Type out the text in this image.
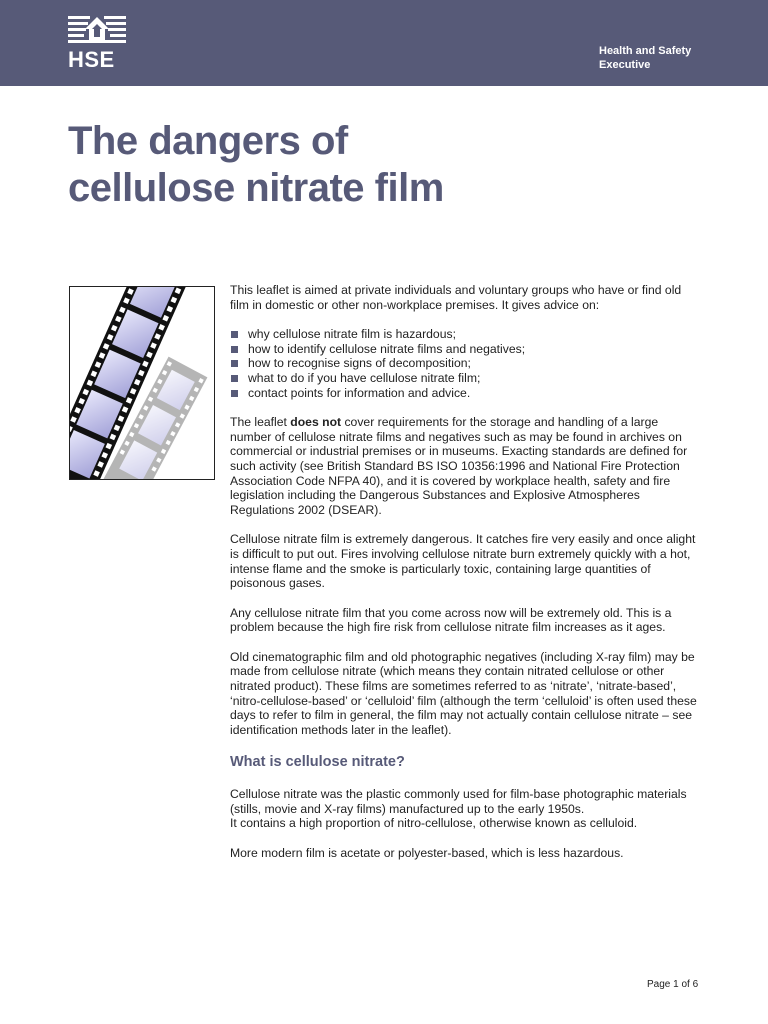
HSE	Health and Safety
Executive
The dangers of
cellulose nitrate film

This leaflet is aimed at private individuals and voluntary groups who have or find old film in domestic or other non-workplace premises. It gives advice on:

why cellulose nitrate film is hazardous;
how to identify cellulose nitrate films and negatives;
how to recognise signs of decomposition;
what to do if you have cellulose nitrate film;
contact points for information and advice.

The leaflet does not cover requirements for the storage and handling of a large number of cellulose nitrate films and negatives such as may be found in archives on commercial or industrial premises or in museums. Exacting standards are defined for such activity (see British Standard BS ISO 10356:1996 and National Fire Protection Association Code NFPA 40), and it is covered by workplace health, safety and fire legislation including the Dangerous Substances and Explosive Atmospheres Regulations 2002 (DSEAR).

Cellulose nitrate film is extremely dangerous. It catches fire very easily and once alight is difficult to put out. Fires involving cellulose nitrate burn extremely quickly with a hot, intense flame and the smoke is particularly toxic, containing large quantities of poisonous gases.

Any cellulose nitrate film that you come across now will be extremely old. This is a problem because the high fire risk from cellulose nitrate film increases as it ages.

Old cinematographic film and old photographic negatives (including X-ray film) may be made from cellulose nitrate (which means they contain nitrated cellulose or other nitrated product). These films are sometimes referred to as ‘nitrate’, ‘nitrate-based’, ‘nitro-cellulose-based’ or ‘celluloid’ film (although the term ‘celluloid’ is often used these days to refer to film in general, the film may not actually contain cellulose nitrate – see identification methods later in the leaflet).

What is cellulose nitrate?

Cellulose nitrate was the plastic commonly used for film-base photographic materials (stills, movie and X-ray films) manufactured up to the early 1950s.
It contains a high proportion of nitro-cellulose, otherwise known as celluloid.

More modern film is acetate or polyester-based, which is less hazardous.

Page 1 of 6
